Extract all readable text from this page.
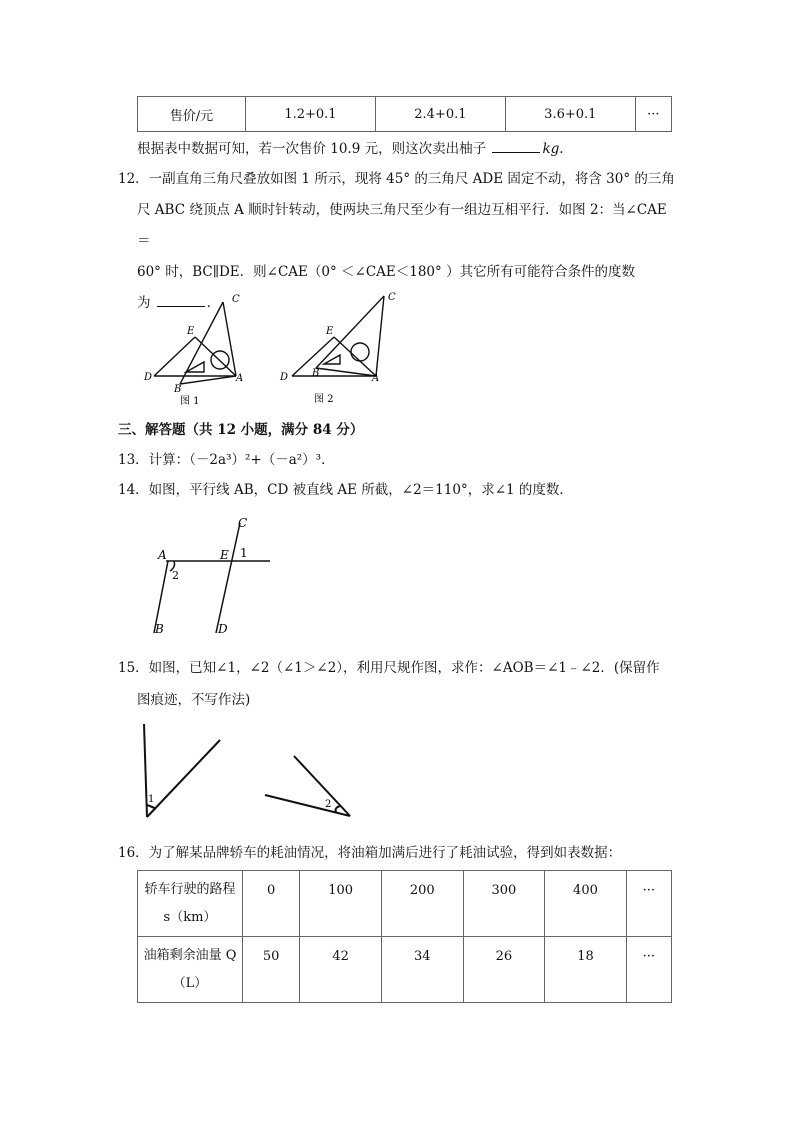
售价/元	1.2+0.1	2.4+0.1	3.6+0.1	···
根据表中数据可知，若一次售价 10.9 元，则这次卖出柚子	kg.
12．一副直角三角尺叠放如图 1 所示，现将 45° 的三角尺 ADE 固定不动，将含 30° 的三角
尺 ABC 绕顶点 A 顺时针转动，使两块三角尺至少有一组边互相平行．如图 2：当∠CAE＝
60° 时，BC∥DE．则∠CAE（0° ＜∠CAE＜180° ）其它所有可能符合条件的度数
为	．
D
E
C
A
B
图 1
D
E
C
A
B
图 2
三、解答题（共 12 小题，满分 84 分）
13．计算：（－2a³）²+（－a²）³．
14．如图，平行线 AB，CD 被直线 AE 所截，∠2＝110°，求∠1 的度数．
A	E
C
1
2
B	D
15．如图，已知∠1，∠2（∠1＞∠2），利用尺规作图，求作：∠AOB＝∠1﹣∠2．(保留作
图痕迹，不写作法)
1	2
16．为了解某品牌轿车的耗油情况，将油箱加满后进行了耗油试验，得到如表数据：
轿车行驶的路程
s（km）	0	100	200	300	400	···

油箱剩余油量 Q
（L）	50	42	34	26	18	···
